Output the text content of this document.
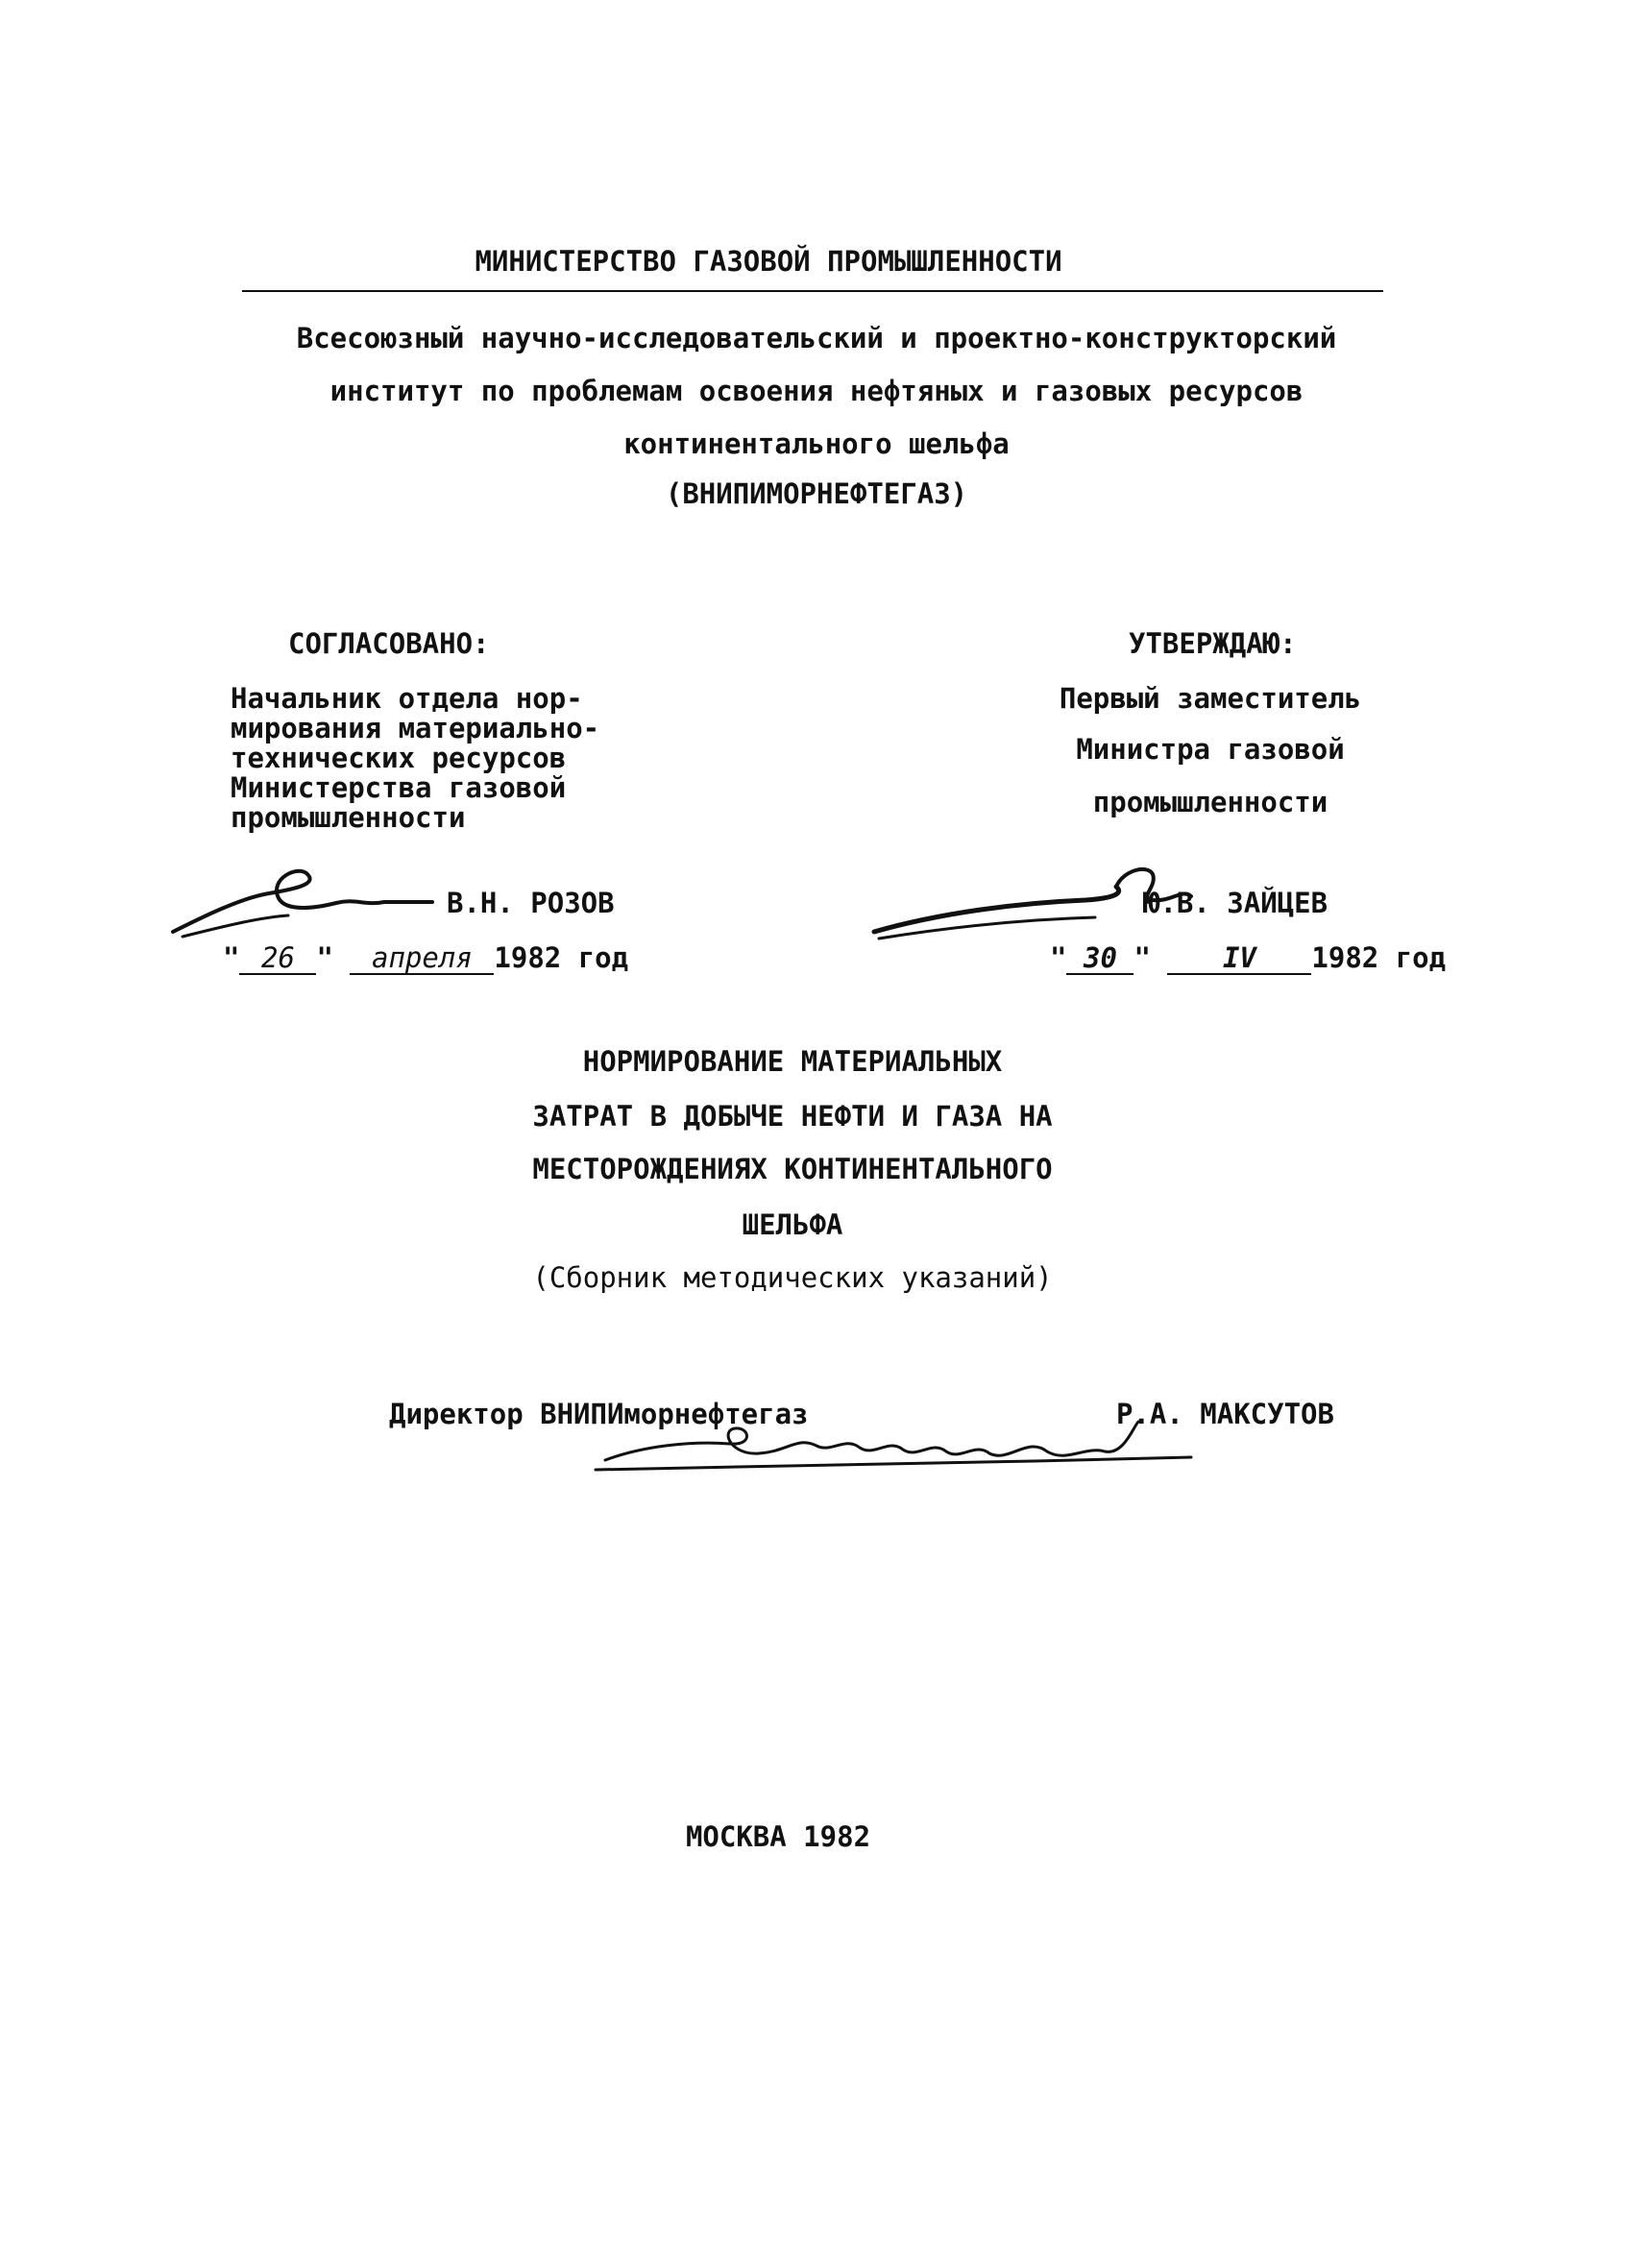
МИНИСТЕРСТВО ГАЗОВОЙ ПРОМЫШЛЕННОСТИ
Всесоюзный научно-исследовательский и проектно-конструкторский
институт по проблемам освоения нефтяных и газовых ресурсов
континентального шельфа
(ВНИПИМОРНЕФТЕГАЗ)
СОГЛАСОВАНО:
Начальник отдела нор-
мирования материально-
технических ресурсов
Министерства газовой
промышленности
В.Н. РОЗОВ
" 26 " апреля 1982 год
УТВЕРЖДАЮ:
Первый заместитель
Министра газовой
промышленности
Ю.В. ЗАЙЦЕВ
" 30 "	IV 1982 год
НОРМИРОВАНИЕ МАТЕРИАЛЬНЫХ
ЗАТРАТ В ДОБЫЧЕ НЕФТИ И ГАЗА НА
МЕСТОРОЖДЕНИЯХ КОНТИНЕНТАЛЬНОГО
ШЕЛЬФА
(Сборник методических указаний)
Директор ВНИПИморнефтегаз	Р.А. МАКСУТОВ
МОСКВА 1982
